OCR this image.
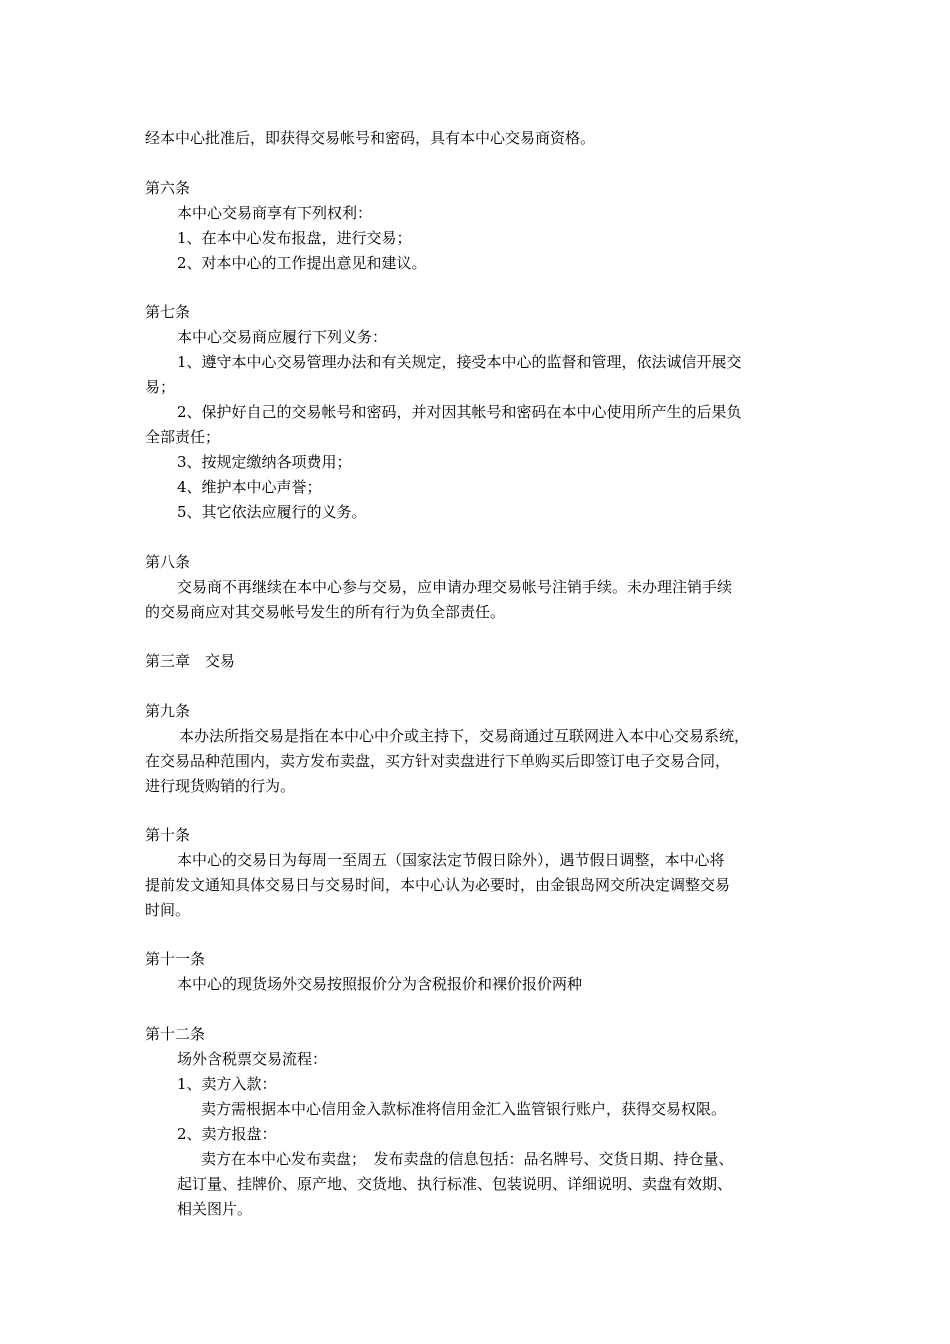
经本中心批准后，即获得交易帐号和密码，具有本中心交易商资格。
第六条
本中心交易商享有下列权利：
1、在本中心发布报盘，进行交易；
2、对本中心的工作提出意见和建议。
第七条
本中心交易商应履行下列义务：
1、遵守本中心交易管理办法和有关规定，接受本中心的监督和管理，依法诚信开展交
易；
2、保护好自己的交易帐号和密码，并对因其帐号和密码在本中心使用所产生的后果负
全部责任；
3、按规定缴纳各项费用；
4、维护本中心声誉；
5、其它依法应履行的义务。
第八条
交易商不再继续在本中心参与交易，应申请办理交易帐号注销手续。未办理注销手续
的交易商应对其交易帐号发生的所有行为负全部责任。
第三章　交易
第九条
本办法所指交易是指在本中心中介或主持下，交易商通过互联网进入本中心交易系统，
在交易品种范围内，卖方发布卖盘，买方针对卖盘进行下单购买后即签订电子交易合同，
进行现货购销的行为。
第十条
本中心的交易日为每周一至周五（国家法定节假日除外），遇节假日调整，本中心将
提前发文通知具体交易日与交易时间，本中心认为必要时，由金银岛网交所决定调整交易
时间。
第十一条
本中心的现货场外交易按照报价分为含税报价和裸价报价两种
第十二条
场外含税票交易流程：
1、卖方入款：
卖方需根据本中心信用金入款标准将信用金汇入监管银行账户，获得交易权限。
2、卖方报盘：
卖方在本中心发布卖盘；　发布卖盘的信息包括：品名牌号、交货日期、持仓量、
起订量、挂牌价、原产地、交货地、执行标准、包装说明、详细说明、卖盘有效期、
相关图片。
